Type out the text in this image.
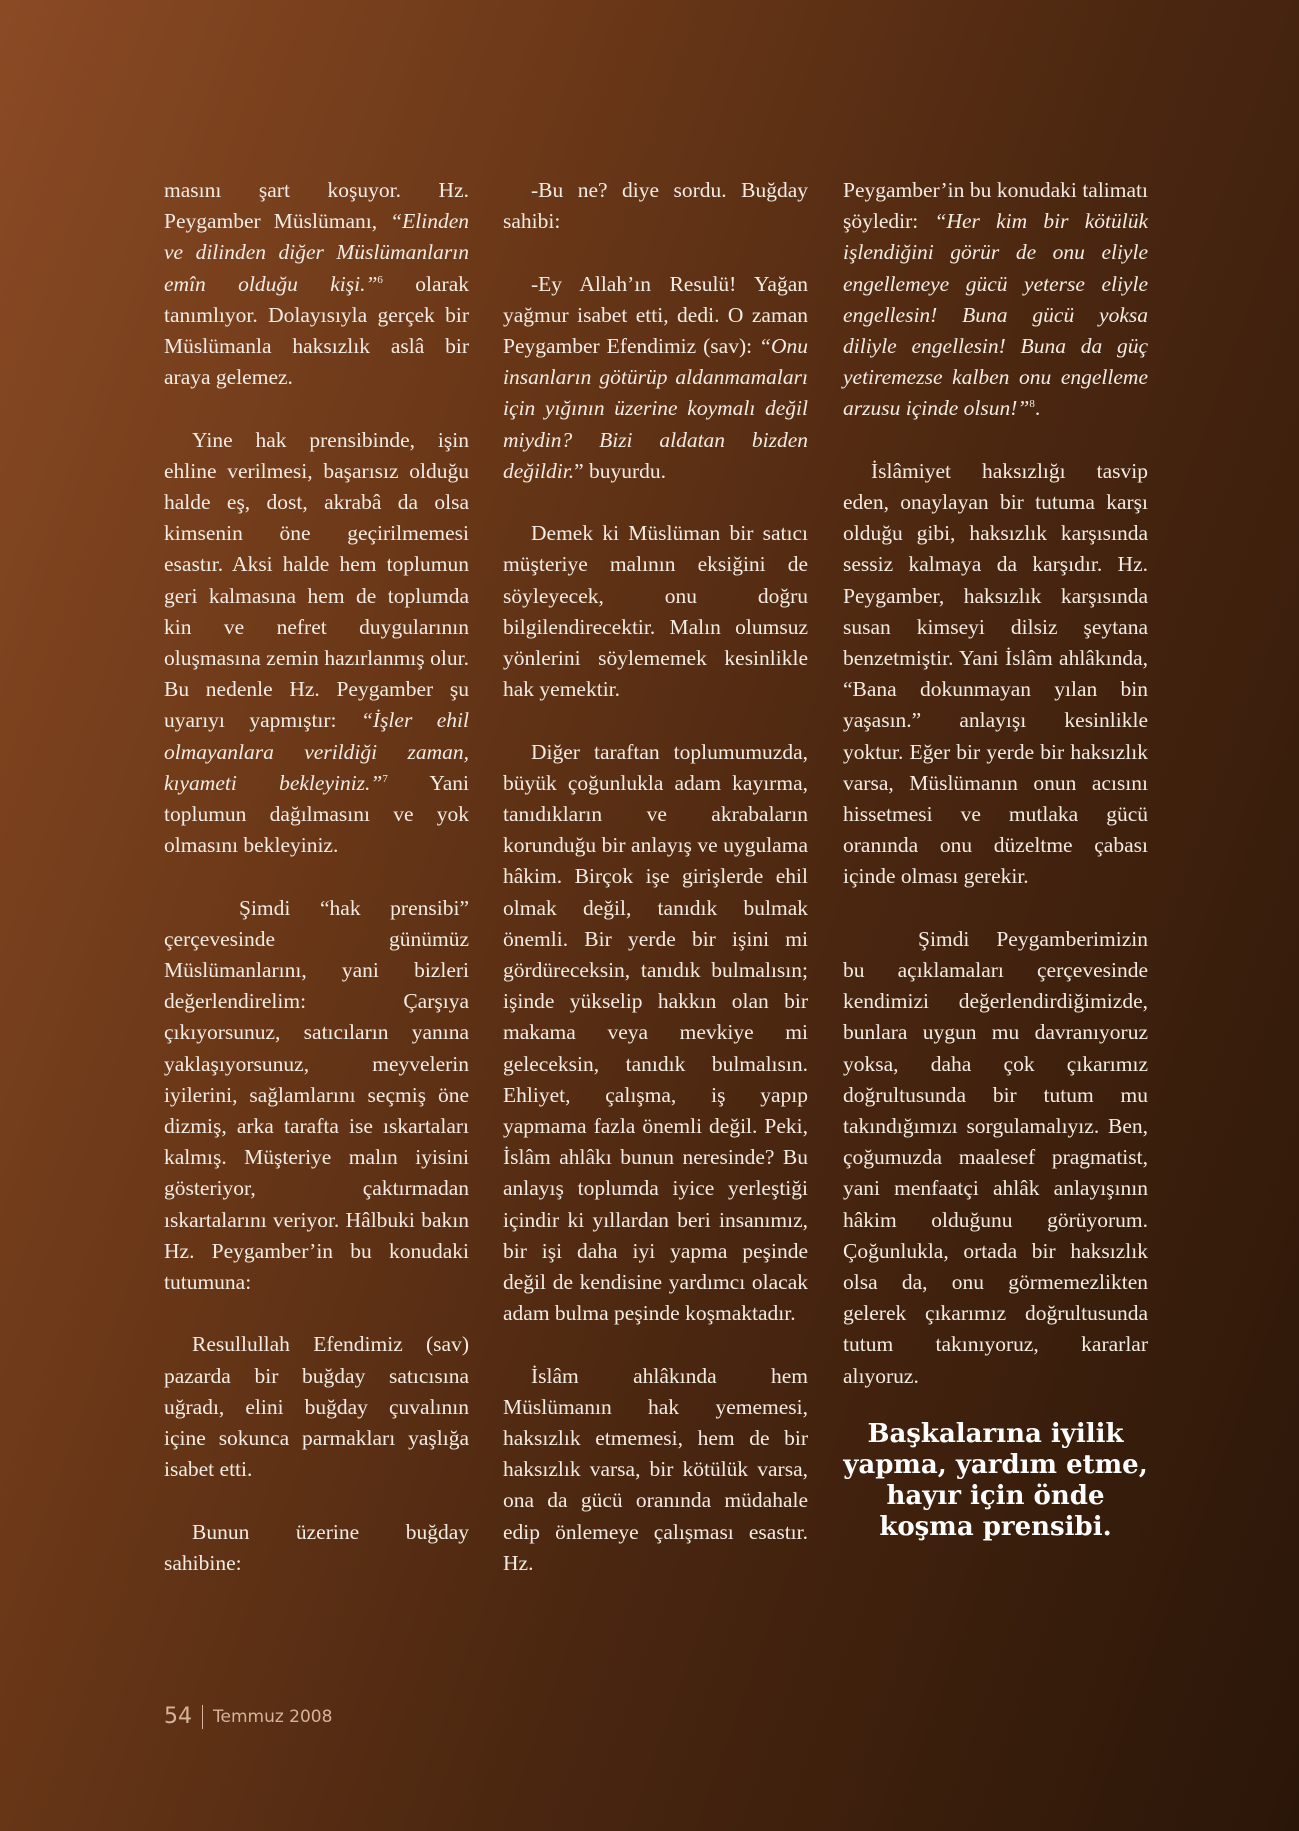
masını şart koşuyor. Hz. Peygamber Müslümanı, “Elinden ve dilinden diğer Müslümanların emîn olduğu kişi.”$^6$ olarak tanımlıyor. Dolayısıyla gerçek bir Müslümanla haksızlık aslâ bir araya gelemez.

Yine hak prensibinde, işin ehline verilmesi, başarısız olduğu halde eş, dost, akrabâ da olsa kimsenin öne geçirilmemesi esastır. Aksi halde hem toplumun geri kalmasına hem de toplumda kin ve nefret duygularının oluşmasına zemin hazırlanmış olur. Bu nedenle Hz. Peygamber şu uyarıyı yapmıştır: “İşler ehil olmayanlara verildiği zaman, kıyameti bekleyiniz.”$^7$ Yani toplumun dağılmasını ve yok olmasını bekleyiniz.

Şimdi “hak prensibi” çerçevesinde günümüz Müslümanlarını, yani bizleri değerlendirelim: Çarşıya çıkıyorsunuz, satıcıların yanına yaklaşıyorsunuz, meyvelerin iyilerini, sağlamlarını seçmiş öne dizmiş, arka tarafta ise ıskartaları kalmış. Müşteriye malın iyisini gösteriyor, çaktırmadan ıskartalarını veriyor. Hâlbuki bakın Hz. Peygamber’in bu konudaki tutumuna:

Resullullah Efendimiz (sav) pazarda bir buğday satıcısına uğradı, elini buğday çuvalının içine sokunca parmakları yaşlığa isabet etti.

Bunun üzerine buğday sahibine:

-Bu ne? diye sordu. Buğday sahibi:

-Ey Allah’ın Resulü! Yağan yağmur isabet etti, dedi. O zaman Peygamber Efendimiz (sav): “Onu insanların götürüp aldanmamaları için yığının üzerine koymalı değil miydin? Bizi aldatan bizden değildir.” buyurdu.

Demek ki Müslüman bir satıcı müşteriye malının eksiğini de söyleyecek, onu doğru bilgilendirecektir. Malın olumsuz yönlerini söylememek kesinlikle hak yemektir.

Diğer taraftan toplumumuzda, büyük çoğunlukla adam kayırma, tanıdıkların ve akrabaların korunduğu bir anlayış ve uygulama hâkim. Birçok işe girişlerde ehil olmak değil, tanıdık bulmak önemli. Bir yerde bir işini mi gördüreceksin, tanıdık bulmalısın; işinde yükselip hakkın olan bir makama veya mevkiye mi geleceksin, tanıdık bulmalısın. Ehliyet, çalışma, iş yapıp yapmama fazla önemli değil. Peki, İslâm ahlâkı bunun neresinde? Bu anlayış toplumda iyice yerleştiği içindir ki yıllardan beri insanımız, bir işi daha iyi yapma peşinde değil de kendisine yardımcı olacak adam bulma peşinde koşmaktadır.

İslâm ahlâkında hem Müslümanın hak yememesi, haksızlık etmemesi, hem de bir haksızlık varsa, bir kötülük varsa, ona da gücü oranında müdahale edip önlemeye çalışması esastır. Hz.

Peygamber’in bu konudaki talimatı şöyledir: “Her kim bir kötülük işlendiğini görür de onu eliyle engellemeye gücü yeterse eliyle engellesin! Buna gücü yoksa diliyle engellesin! Buna da güç yetiremezse kalben onu engelleme arzusu içinde olsun!”$^8$.

İslâmiyet haksızlığı tasvip eden, onaylayan bir tutuma karşı olduğu gibi, haksızlık karşısında sessiz kalmaya da karşıdır. Hz. Peygamber, haksızlık karşısında susan kimseyi dilsiz şeytana benzetmiştir. Yani İslâm ahlâkında, “Bana dokunmayan yılan bin yaşasın.” anlayışı kesinlikle yoktur. Eğer bir yerde bir haksızlık varsa, Müslümanın onun acısını hissetmesi ve mutlaka gücü oranında onu düzeltme çabası içinde olması gerekir.

Şimdi Peygamberimizin bu açıklamaları çerçevesinde kendimizi değerlendirdiğimizde, bunlara uygun mu davranıyoruz yoksa, daha çok çıkarımız doğrultusunda bir tutum mu takındığımızı sorgulamalıyız. Ben, çoğumuzda maalesef pragmatist, yani menfaatçi ahlâk anlayışının hâkim olduğunu görüyorum. Çoğunlukla, ortada bir haksızlık olsa da, onu görmemezlikten gelerek çıkarımız doğrultusunda tutum takınıyoruz, kararlar alıyoruz.

Başkalarına iyilik yapma, yardım etme, hayır için önde koşma prensibi.
54 Temmuz 2008
